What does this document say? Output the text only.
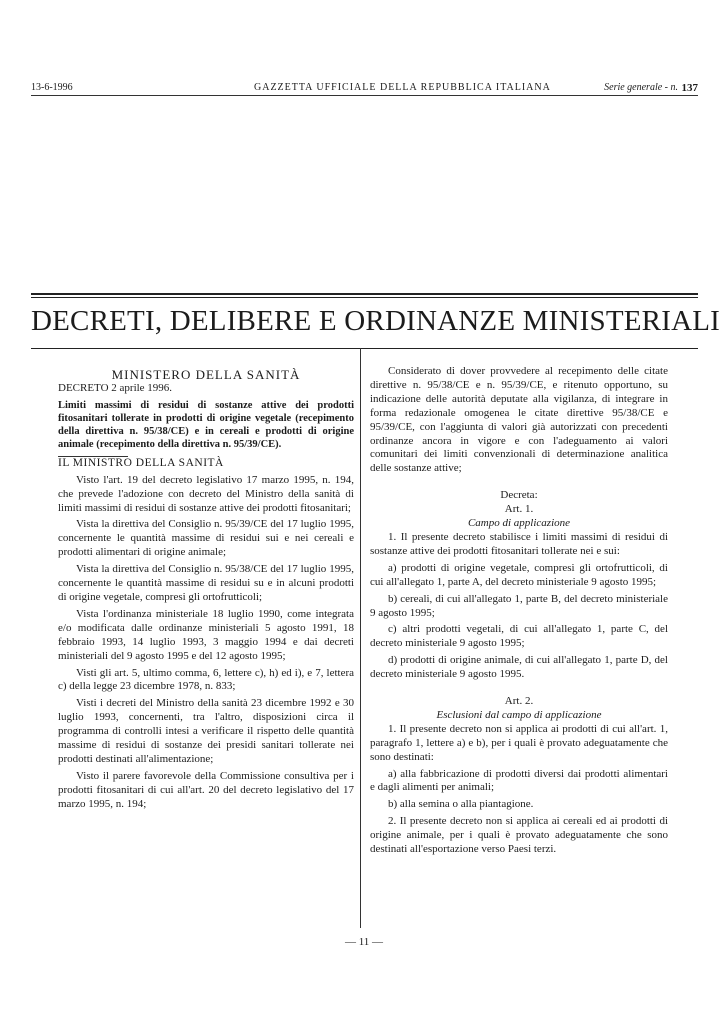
13-6-1996	GAZZETTA UFFICIALE DELLA REPUBBLICA ITALIANA	Serie generale - n. 137
DECRETI, DELIBERE E ORDINANZE MINISTERIALI

MINISTERO DELLA SANITÀ

DECRETO 2 aprile 1996.

Limiti massimi di residui di sostanze attive dei prodotti fitosanitari tollerate in prodotti di origine vegetale (recepimento della direttiva n. 95/38/CE) e in cereali e prodotti di origine animale (recepimento della direttiva n. 95/39/CE).

IL MINISTRO DELLA SANITÀ

Visto l'art. 19 del decreto legislativo 17 marzo 1995, n. 194, che prevede l'adozione con decreto del Ministro della sanità di limiti massimi di residui di sostanze attive dei prodotti fitosanitari;

Vista la direttiva del Consiglio n. 95/39/CE del 17 luglio 1995, concernente le quantità massime di residui sui e nei cereali e prodotti alimentari di origine animale;

Vista la direttiva del Consiglio n. 95/38/CE del 17 luglio 1995, concernente le quantità massime di residui su e in alcuni prodotti di origine vegetale, compresi gli ortofrutticoli;

Vista l'ordinanza ministeriale 18 luglio 1990, come integrata e/o modificata dalle ordinanze ministeriali 5 agosto 1991, 18 febbraio 1993, 14 luglio 1993, 3 maggio 1994 e dai decreti ministeriali del 9 agosto 1995 e del 12 agosto 1995;

Visti gli art. 5, ultimo comma, 6, lettere c), h) ed i), e 7, lettera c) della legge 23 dicembre 1978, n. 833;

Visti i decreti del Ministro della sanità 23 dicembre 1992 e 30 luglio 1993, concernenti, tra l'altro, disposizioni circa il programma di controlli intesi a verificare il rispetto delle quantità massime di residui di sostanze dei presidi sanitari tollerate nei prodotti destinati all'alimentazione;

Visto il parere favorevole della Commissione consultiva per i prodotti fitosanitari di cui all'art. 20 del decreto legislativo del 17 marzo 1995, n. 194;

Considerato di dover provvedere al recepimento delle citate direttive n. 95/38/CE e n. 95/39/CE, e ritenuto opportuno, su indicazione delle autorità deputate alla vigilanza, di integrare in forma redazionale omogenea le citate direttive 95/38/CE e 95/39/CE, con l'aggiunta di valori già autorizzati con precedenti ordinanze ancora in vigore e con l'adeguamento ai valori comunitari dei limiti convenzionali di determinazione analitica delle sostanze attive;

Decreta:

Art. 1.

Campo di applicazione

1. Il presente decreto stabilisce i limiti massimi di residui di sostanze attive dei prodotti fitosanitari tollerate nei e sui:

a) prodotti di origine vegetale, compresi gli ortofrutticoli, di cui all'allegato 1, parte A, del decreto ministeriale 9 agosto 1995;

b) cereali, di cui all'allegato 1, parte B, del decreto ministeriale 9 agosto 1995;

c) altri prodotti vegetali, di cui all'allegato 1, parte C, del decreto ministeriale 9 agosto 1995;

d) prodotti di origine animale, di cui all'allegato 1, parte D, del decreto ministeriale 9 agosto 1995.

Art. 2.

Esclusioni dal campo di applicazione

1. Il presente decreto non si applica ai prodotti di cui all'art. 1, paragrafo 1, lettere a) e b), per i quali è provato adeguatamente che sono destinati:

a) alla fabbricazione di prodotti diversi dai prodotti alimentari e dagli alimenti per animali;

b) alla semina o alla piantagione.

2. Il presente decreto non si applica ai cereali ed ai prodotti di origine animale, per i quali è provato adeguatamente che sono destinati all'esportazione verso Paesi terzi.

— 11 —
